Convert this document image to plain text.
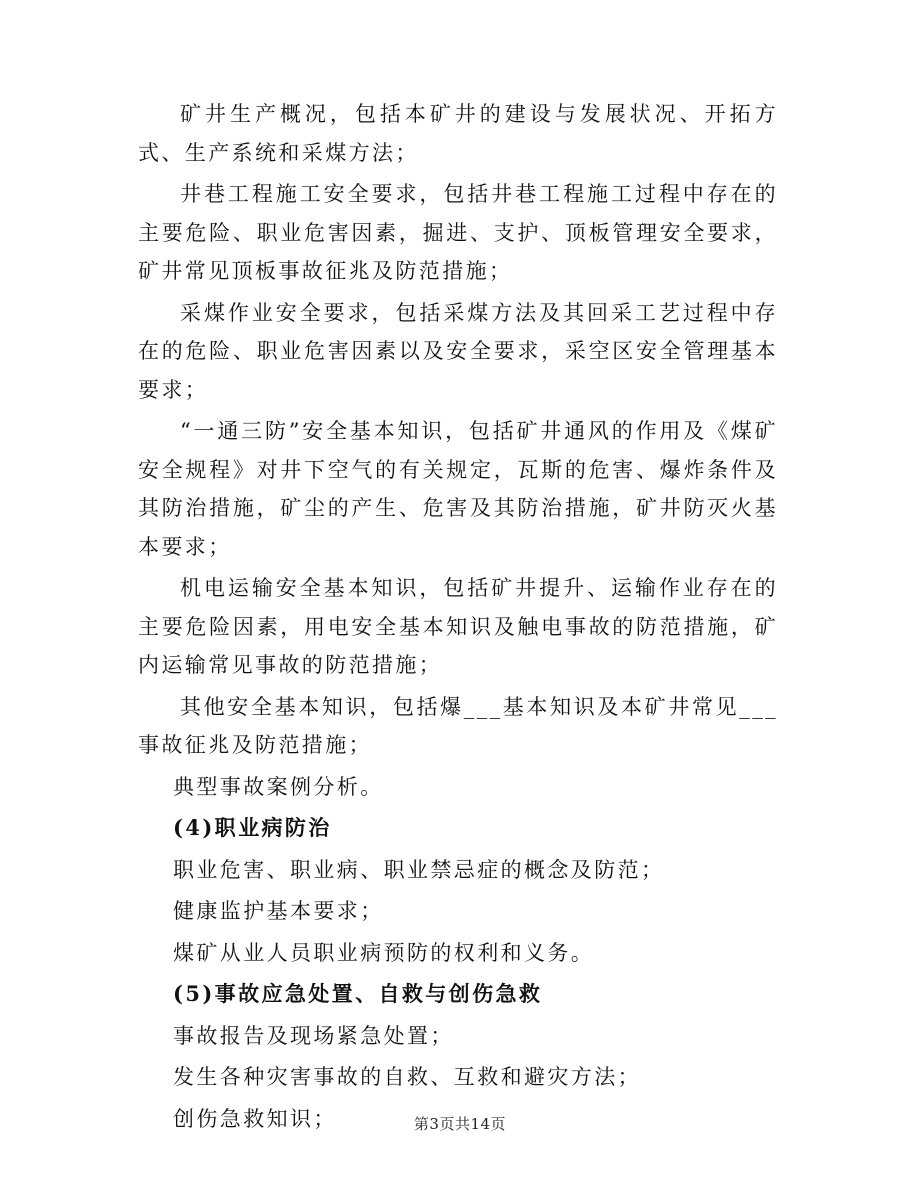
矿井生产概况，包括本矿井的建设与发展状况、开拓方式、生产系统和采煤方法；

井巷工程施工安全要求，包括井巷工程施工过程中存在的主要危险、职业危害因素，掘进、支护、顶板管理安全要求，矿井常见顶板事故征兆及防范措施；

采煤作业安全要求，包括采煤方法及其回采工艺过程中存在的危险、职业危害因素以及安全要求，采空区安全管理基本要求；

“一通三防”安全基本知识，包括矿井通风的作用及《煤矿安全规程》对井下空气的有关规定，瓦斯的危害、爆炸条件及其防治措施，矿尘的产生、危害及其防治措施，矿井防灭火基本要求；

机电运输安全基本知识，包括矿井提升、运输作业存在的主要危险因素，用电安全基本知识及触电事故的防范措施，矿内运输常见事故的防范措施；

其他安全基本知识，包括爆___基本知识及本矿井常见___事故征兆及防范措施；

典型事故案例分析。

(4)职业病防治

职业危害、职业病、职业禁忌症的概念及防范；

健康监护基本要求；

煤矿从业人员职业病预防的权利和义务。

(5)事故应急处置、自救与创伤急救

事故报告及现场紧急处置；

发生各种灾害事故的自救、互救和避灾方法；

创伤急救知识；	第3页共14页
